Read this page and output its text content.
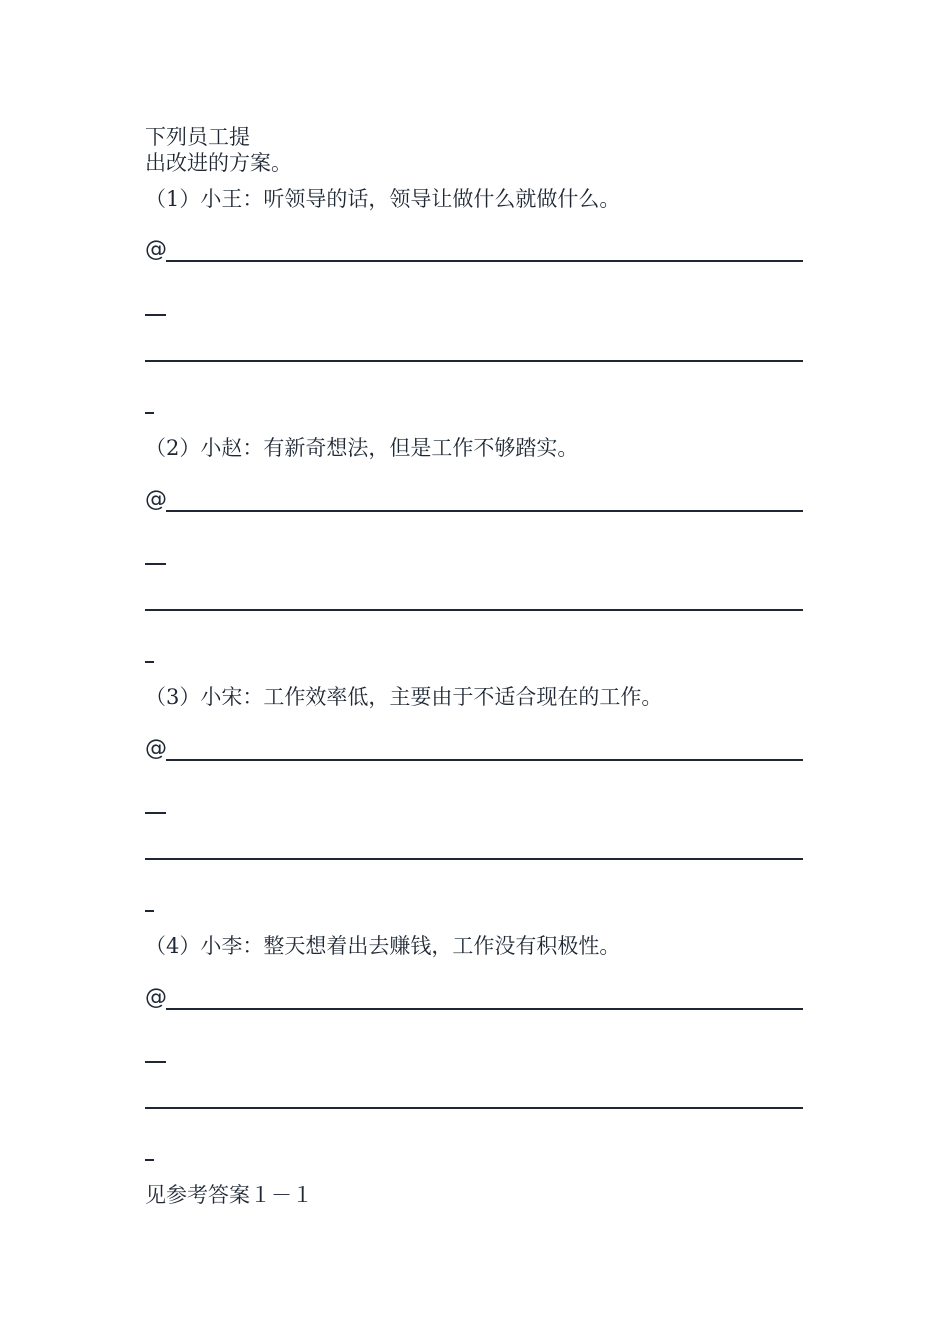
下列员工提
出改进的方案。
（1）小王：听领导的话，领导让做什么就做什么。
@
（2）小赵：有新奇想法，但是工作不够踏实。
@
（3）小宋：工作效率低，主要由于不适合现在的工作。
@
（4）小李：整天想着出去赚钱，工作没有积极性。
@
见参考答案１－１
